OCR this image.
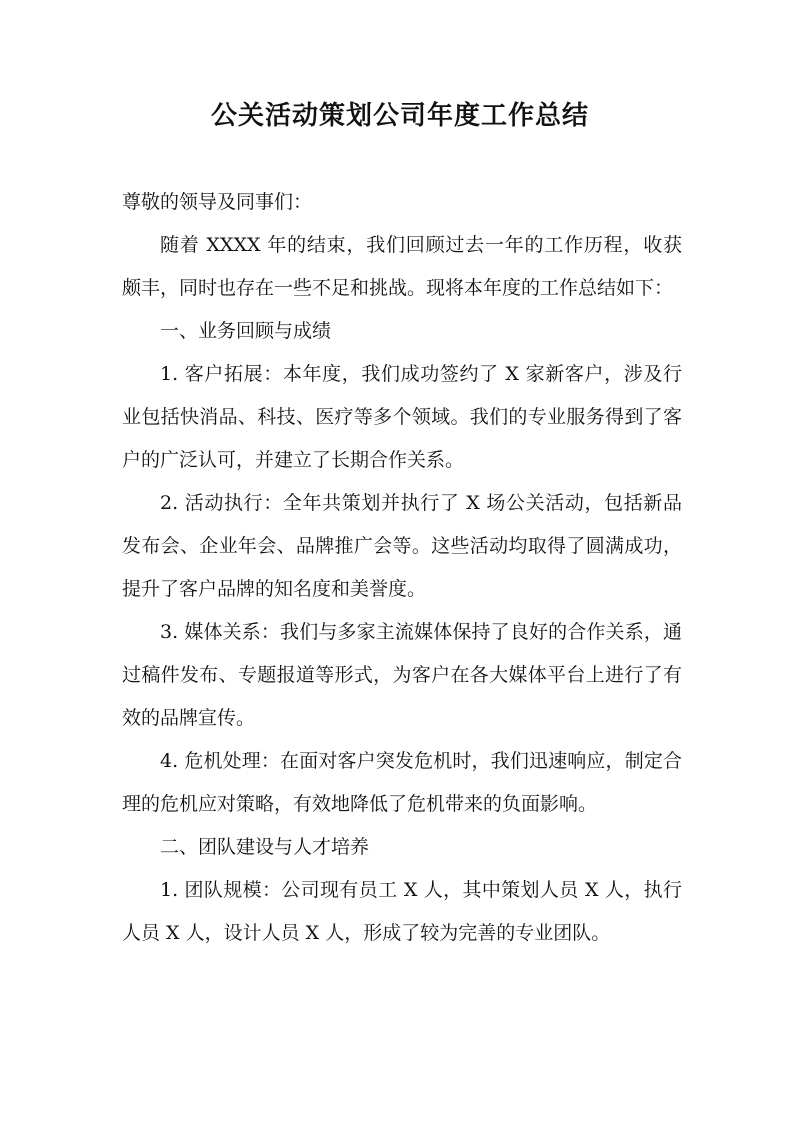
公关活动策划公司年度工作总结

尊敬的领导及同事们：

随着 XXXX 年的结束，我们回顾过去一年的工作历程，收获颇丰，同时也存在一些不足和挑战。现将本年度的工作总结如下：

一、业务回顾与成绩

1. 客户拓展：本年度，我们成功签约了 X 家新客户，涉及行业包括快消品、科技、医疗等多个领域。我们的专业服务得到了客户的广泛认可，并建立了长期合作关系。

2. 活动执行：全年共策划并执行了 X 场公关活动，包括新品发布会、企业年会、品牌推广会等。这些活动均取得了圆满成功，提升了客户品牌的知名度和美誉度。

3. 媒体关系：我们与多家主流媒体保持了良好的合作关系，通过稿件发布、专题报道等形式，为客户在各大媒体平台上进行了有效的品牌宣传。

4. 危机处理：在面对客户突发危机时，我们迅速响应，制定合理的危机应对策略，有效地降低了危机带来的负面影响。

二、团队建设与人才培养

1. 团队规模：公司现有员工 X 人，其中策划人员 X 人，执行人员 X 人，设计人员 X 人，形成了较为完善的专业团队。
